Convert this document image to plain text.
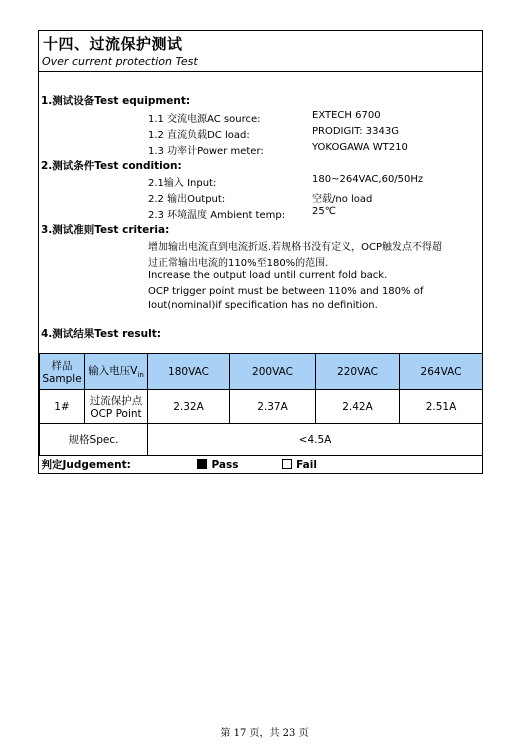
十四、过流保护测试
Over current protection Test
1.测试设备Test equipment:
1.1 交流电源AC source:	EXTECH 6700
1.2 直流负载DC load:	PRODIGIT: 3343G
1.3 功率计Power meter:	YOKOGAWA WT210
2.测试条件Test condition:
2.1输入 Input:	180~264VAC,60/50Hz
2.2 输出Output:	空载/no load
2.3 环境温度 Ambient temp:	25℃
3.测试准则Test criteria:
增加输出电流直到电流折返.若规格书没有定义，OCP触发点不得超
过正常输出电流的110%至180%的范围.
Increase the output load until current fold back.
OCP trigger point must be between 110% and 180% of
Iout(nominal)if specification has no definition.
4.测试结果Test result:
样品
Sample	输入电压$V_{in}$	180VAC	200VAC	220VAC	264VAC
1#	过流保护点
OCP Point	2.32A	2.37A	2.42A	2.51A
规格Spec.		<4.5A			
判定Judgement: Pass Fail					
第 17 页，共 23 页
